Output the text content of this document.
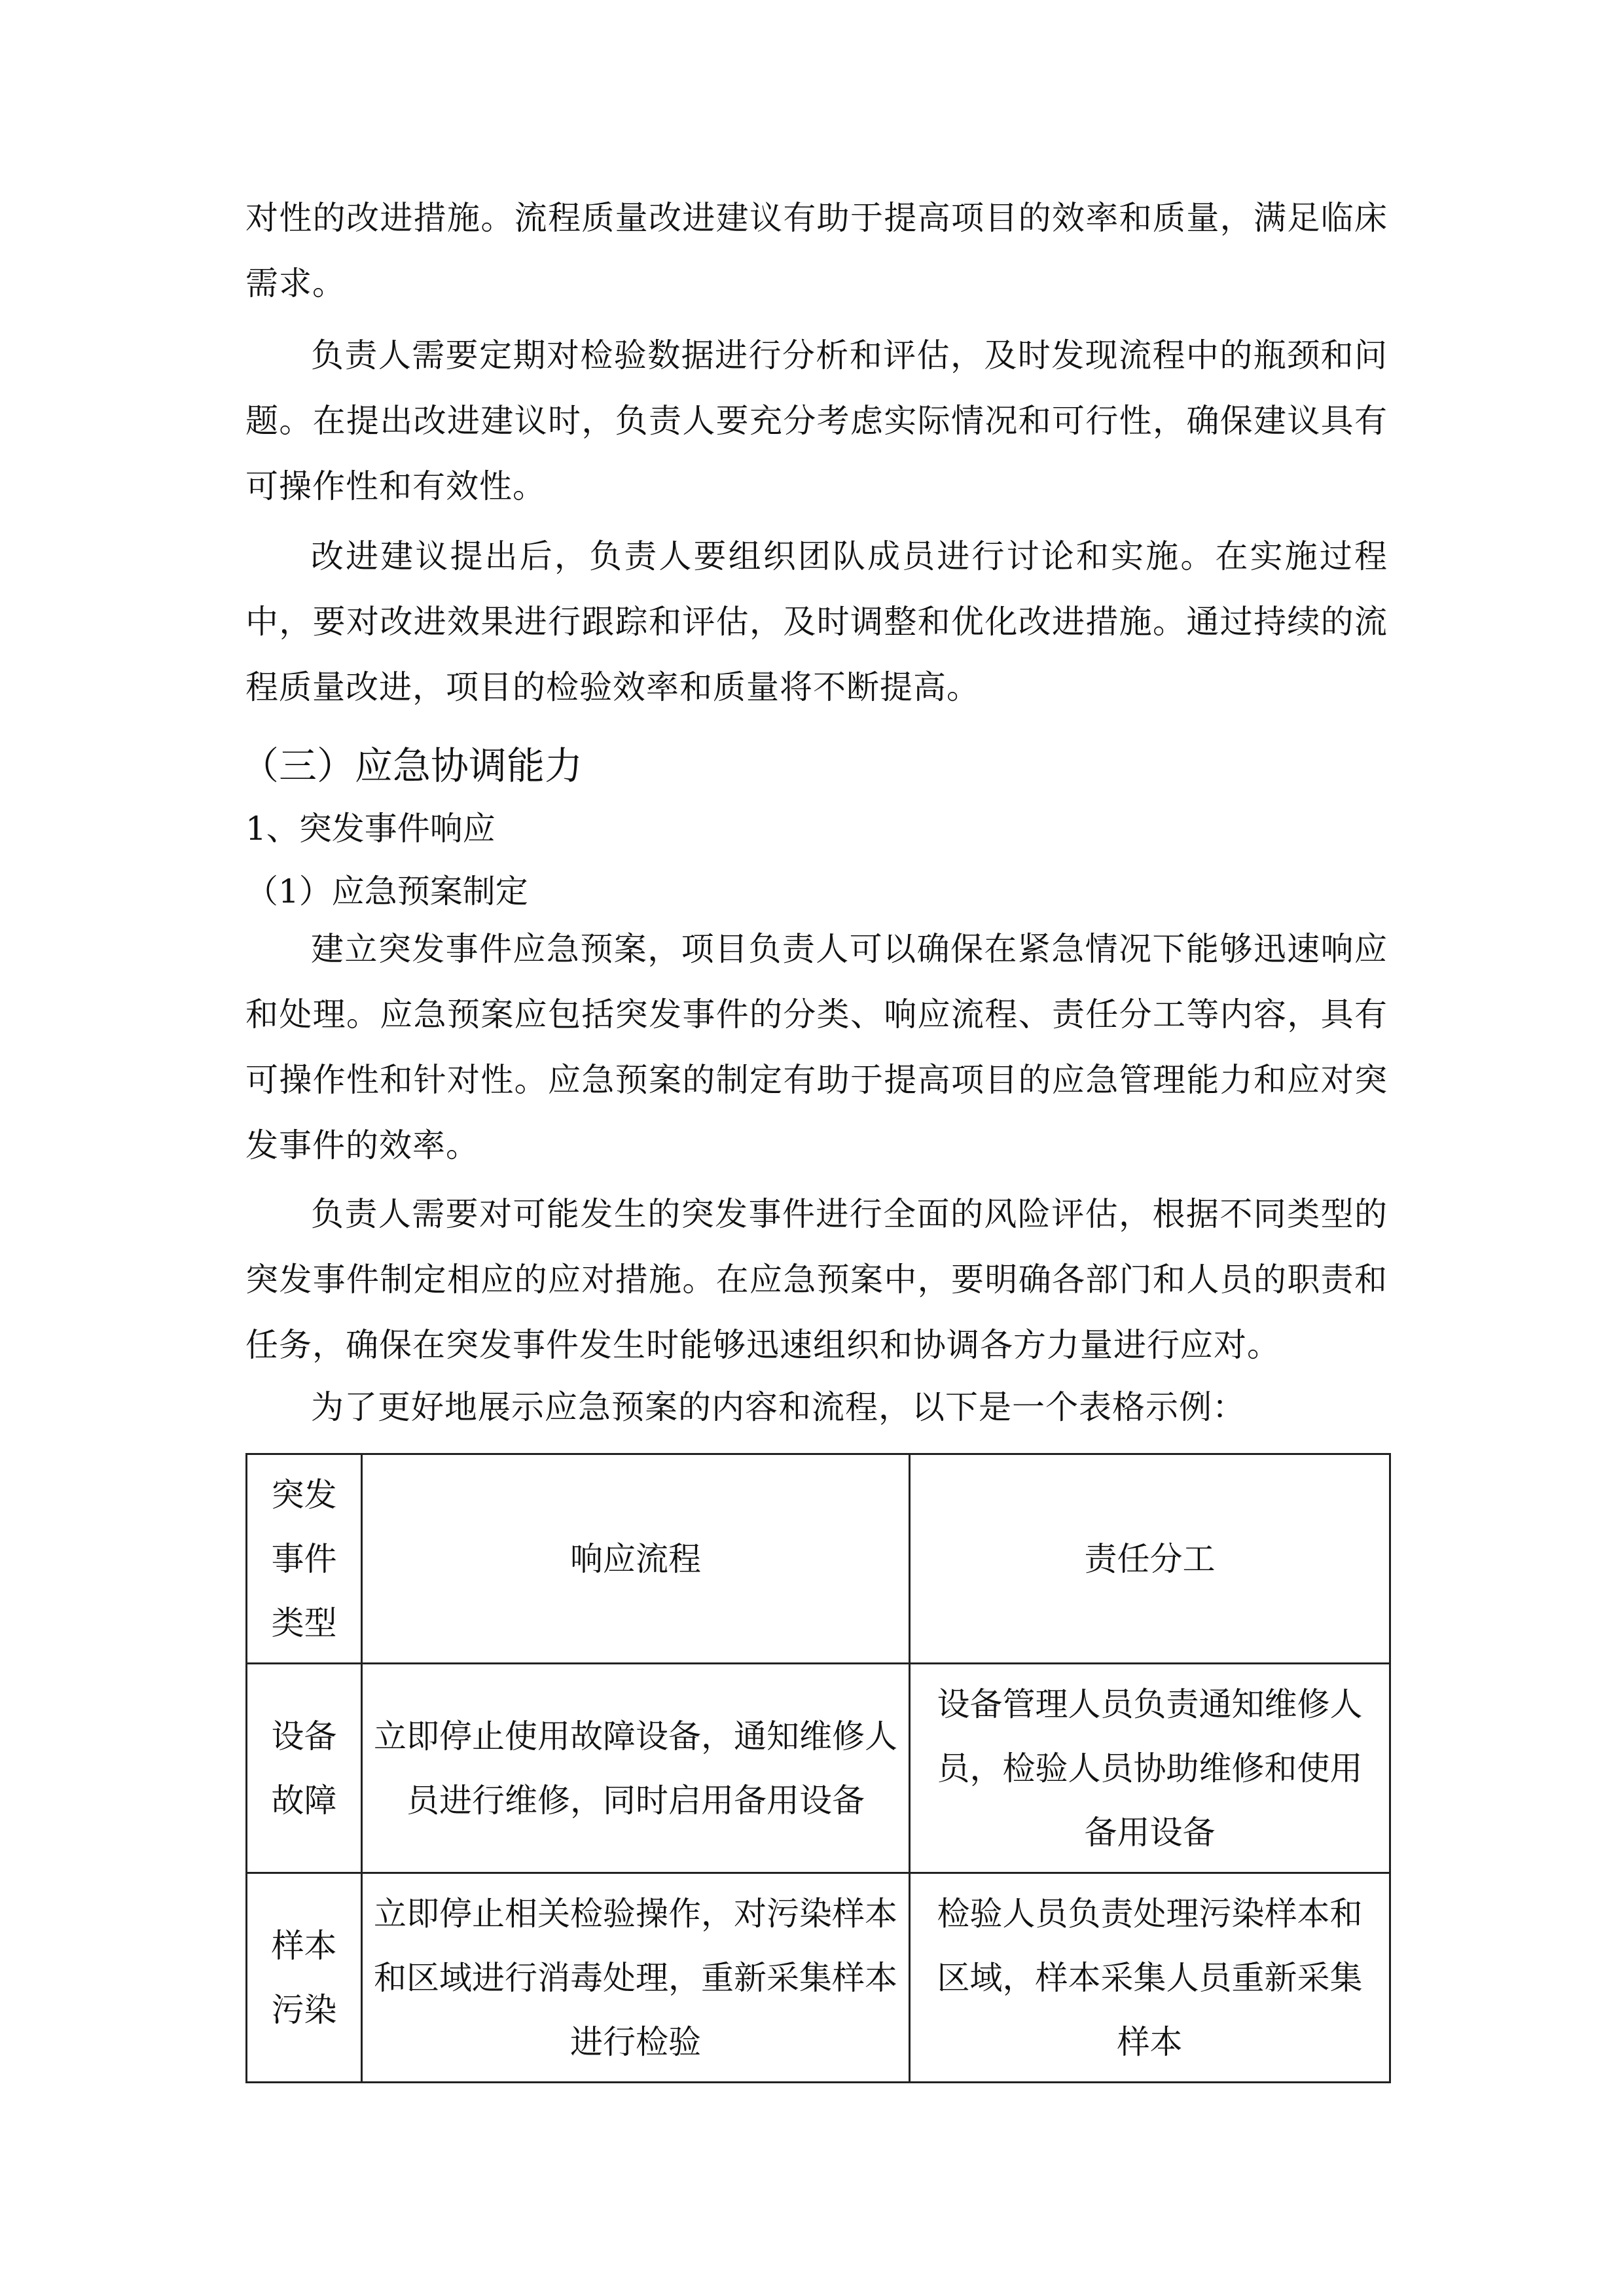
对性的改进措施。流程质量改进建议有助于提高项目的效率和质量，满足临床需求。

负责人需要定期对检验数据进行分析和评估，及时发现流程中的瓶颈和问题。在提出改进建议时，负责人要充分考虑实际情况和可行性，确保建议具有可操作性和有效性。

改进建议提出后，负责人要组织团队成员进行讨论和实施。在实施过程中，要对改进效果进行跟踪和评估，及时调整和优化改进措施。通过持续的流程质量改进，项目的检验效率和质量将不断提高。

（三）应急协调能力
1、突发事件响应
（1）应急预案制定

建立突发事件应急预案，项目负责人可以确保在紧急情况下能够迅速响应和处理。应急预案应包括突发事件的分类、响应流程、责任分工等内容，具有可操作性和针对性。应急预案的制定有助于提高项目的应急管理能力和应对突发事件的效率。

负责人需要对可能发生的突发事件进行全面的风险评估，根据不同类型的突发事件制定相应的应对措施。在应急预案中，要明确各部门和人员的职责和任务，确保在突发事件发生时能够迅速组织和协调各方力量进行应对。

为了更好地展示应急预案的内容和流程，以下是一个表格示例：

突发事件类型	响应流程	责任分工
设备故障	立即停止使用故障设备，通知维修人员进行维修，同时启用备用设备	设备管理人员负责通知维修人员，检验人员协助维修和使用备用设备
样本污染	立即停止相关检验操作，对污染样本和区域进行消毒处理，重新采集样本进行检验	检验人员负责处理污染样本和区域，样本采集人员重新采集样本
